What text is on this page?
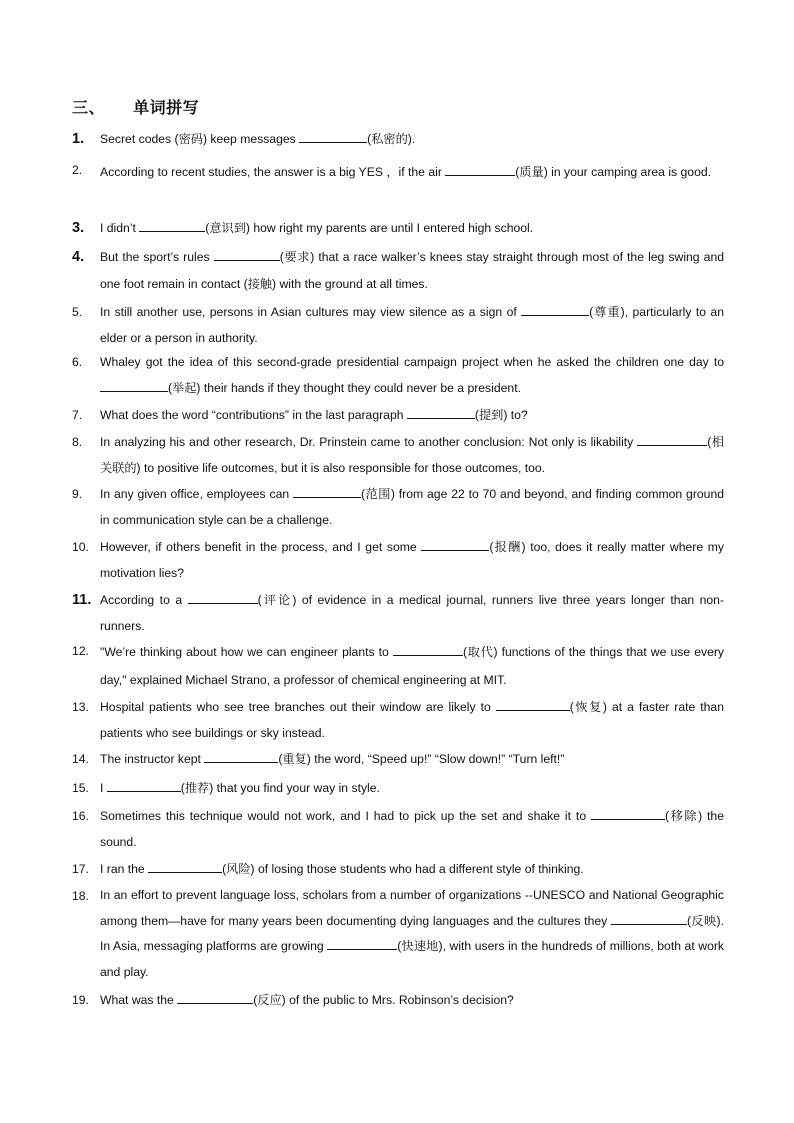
三、 单词拼写
1.	Secret codes (密码) keep messages	(私密的).
2.	According to recent studies, the answer is a big YES ，if the air	(质量) in your camping area is good.
3.	I didn’t	(意识到) how right my parents are until I entered high school.
4.	But the sport’s rules	(要求) that a race walker’s knees stay straight through most of the leg swing and one foot remain in contact (接触) with the ground at all times.
5.	In still another use, persons in Asian cultures may view silence as a sign of	(尊重), particularly to an elder or a person in authority.
6.	Whaley got the idea of this second-grade presidential campaign project when he asked the children one day to (举起) their hands if they thought they could never be a president.
7.	What does the word “contributions” in the last paragraph	(提到) to?
8.	In analyzing his and other research, Dr. Prinstein came to another conclusion: Not only is likability	(相关联的) to positive life outcomes, but it is also responsible for those outcomes, too.
9.	In any given office, employees can	(范围) from age 22 to 70 and beyond, and finding common ground in communication style can be a challenge.
10. However, if others benefit in the process, and I get some	(报酬) too, does it really matter where my motivation lies?
11. According to a	(评论) of evidence in a medical journal, runners live three years longer than non-runners.
12. "We’re thinking about how we can engineer plants to	(取代) functions of the things that we use every day," explained Michael Strano, a professor of chemical engineering at MIT.
13. Hospital patients who see tree branches out their window are likely to	(恢复) at a faster rate than patients who see buildings or sky instead.
14. The instructor kept	(重复) the word, “Speed up!” “Slow down!” “Turn left!”
15. I	(推荐) that you find your way in style.
16. Sometimes this technique would not work, and I had to pick up the set and shake it to	(移除) the sound.
17. I ran the	(风险) of losing those students who had a different style of thinking.
18. In an effort to prevent language loss, scholars from a number of organizations --UNESCO and National Geographic among them—have for many years been documenting dying languages and the cultures they	(反映). In Asia, messaging platforms are growing	(快速地), with users in the hundreds of millions, both at work and play.
19. What was the	(反应) of the public to Mrs. Robinson’s decision?
